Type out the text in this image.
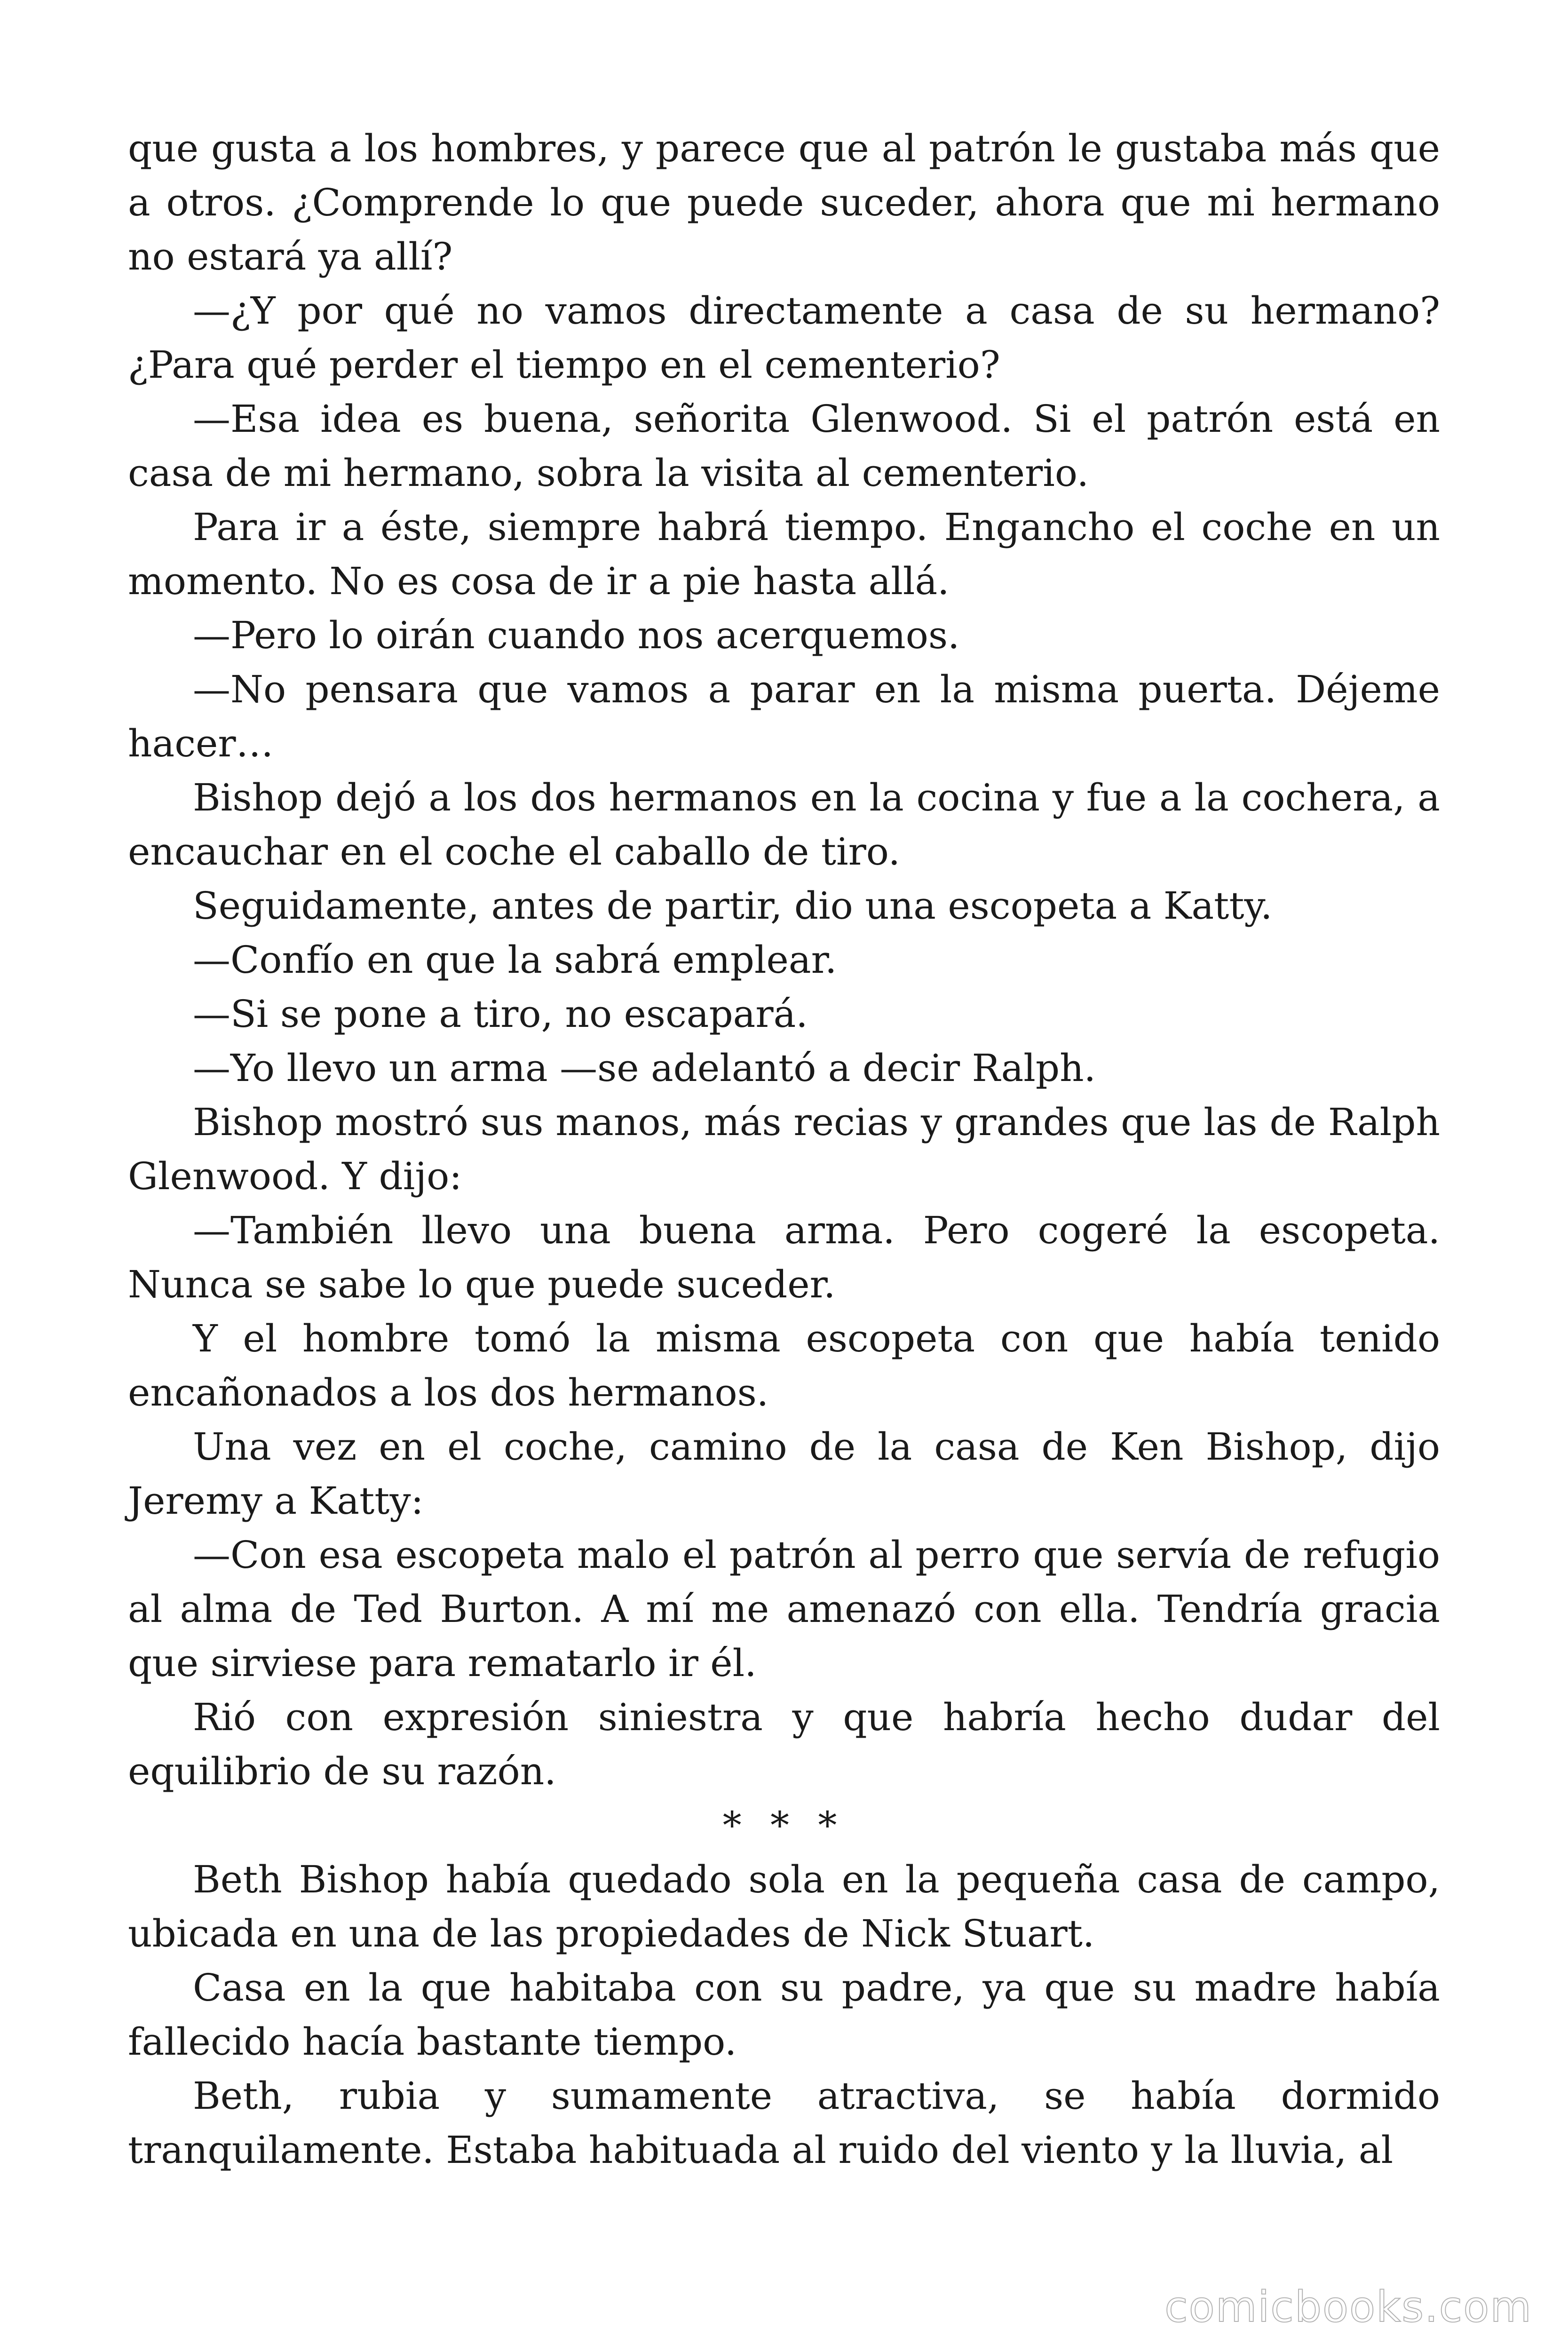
que gusta a los hombres, y parece que al patrón le gustaba más que a otros. ¿Comprende lo que puede suceder, ahora que mi hermano no estará ya allí?

—¿Y por qué no vamos directamente a casa de su hermano? ¿Para qué perder el tiempo en el cementerio?

—Esa idea es buena, señorita Glenwood. Si el patrón está en casa de mi hermano, sobra la visita al cementerio.

Para ir a éste, siempre habrá tiempo. Engancho el coche en un momento. No es cosa de ir a pie hasta allá.

—Pero lo oirán cuando nos acerquemos.

—No pensara que vamos a parar en la misma puerta. Déjeme hacer…

Bishop dejó a los dos hermanos en la cocina y fue a la cochera, a encauchar en el coche el caballo de tiro.

Seguidamente, antes de partir, dio una escopeta a Katty.

—Confío en que la sabrá emplear.

—Si se pone a tiro, no escapará.

—Yo llevo un arma —se adelantó a decir Ralph.

Bishop mostró sus manos, más recias y grandes que las de Ralph Glenwood. Y dijo:

—También llevo una buena arma. Pero cogeré la escopeta. Nunca se sabe lo que puede suceder.

Y el hombre tomó la misma escopeta con que había tenido encañonados a los dos hermanos.

Una vez en el coche, camino de la casa de Ken Bishop, dijo Jeremy a Katty:

—Con esa escopeta malo el patrón al perro que servía de refugio al alma de Ted Burton. A mí me amenazó con ella. Tendría gracia que sirviese para rematarlo ir él.

Rió con expresión siniestra y que habría hecho dudar del equilibrio de su razón.

* * *

Beth Bishop había quedado sola en la pequeña casa de campo, ubicada en una de las propiedades de Nick Stuart.

Casa en la que habitaba con su padre, ya que su madre había fallecido hacía bastante tiempo.

Beth, rubia y sumamente atractiva, se había dormido tranquilamente. Estaba habituada al ruido del viento y la lluvia, al

comicbooks.com
